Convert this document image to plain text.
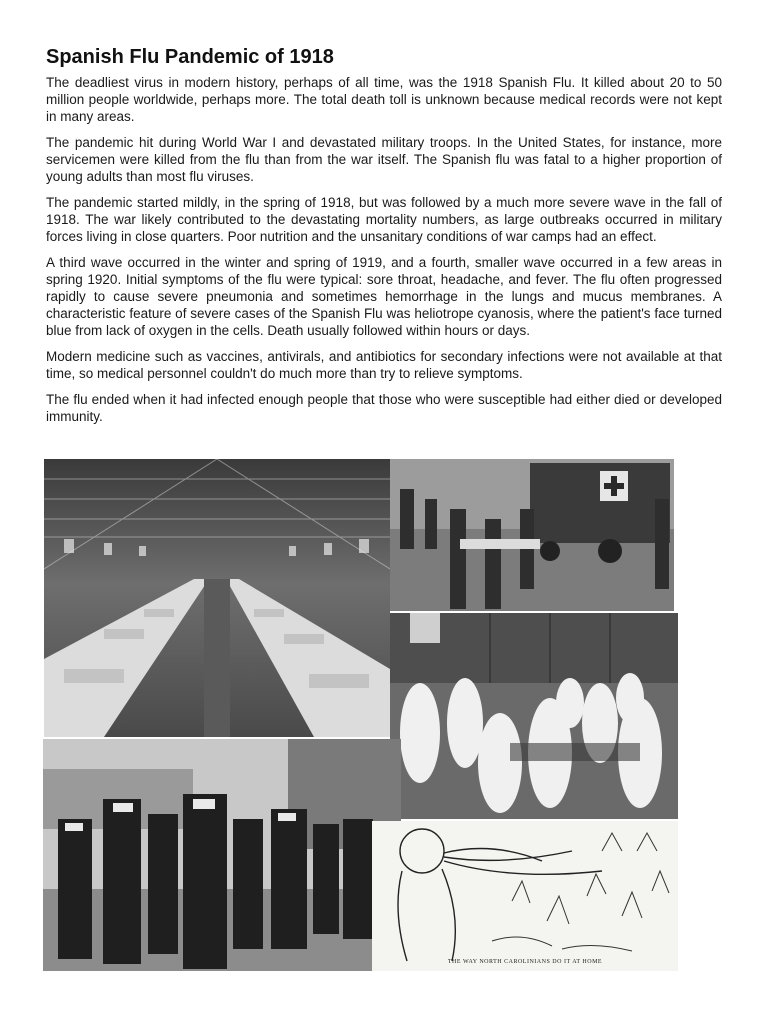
Spanish Flu Pandemic of 1918

The deadliest virus in modern history, perhaps of all time, was the 1918 Spanish Flu. It killed about 20 to 50 million people worldwide, perhaps more. The total death toll is unknown because medical records were not kept in many areas.

The pandemic hit during World War I and devastated military troops. In the United States, for instance, more servicemen were killed from the flu than from the war itself. The Spanish flu was fatal to a higher proportion of young adults than most flu viruses.

The pandemic started mildly, in the spring of 1918, but was followed by a much more severe wave in the fall of 1918. The war likely contributed to the devastating mortality numbers, as large outbreaks occurred in military forces living in close quarters. Poor nutrition and the unsanitary conditions of war camps had an effect.

A third wave occurred in the winter and spring of 1919, and a fourth, smaller wave occurred in a few areas in spring 1920. Initial symptoms of the flu were typical: sore throat, headache, and fever. The flu often progressed rapidly to cause severe pneumonia and sometimes hemorrhage in the lungs and mucus membranes. A characteristic feature of severe cases of the Spanish Flu was heliotrope cyanosis, where the patient's face turned blue from lack of oxygen in the cells. Death usually followed within hours or days.

Modern medicine such as vaccines, antivirals, and antibiotics for secondary infections were not available at that time, so medical personnel couldn't do much more than try to relieve symptoms.

The flu ended when it had infected enough people that those who were susceptible had either died or developed immunity.

THE WAY NORTH CAROLINIANS DO IT AT HOME
